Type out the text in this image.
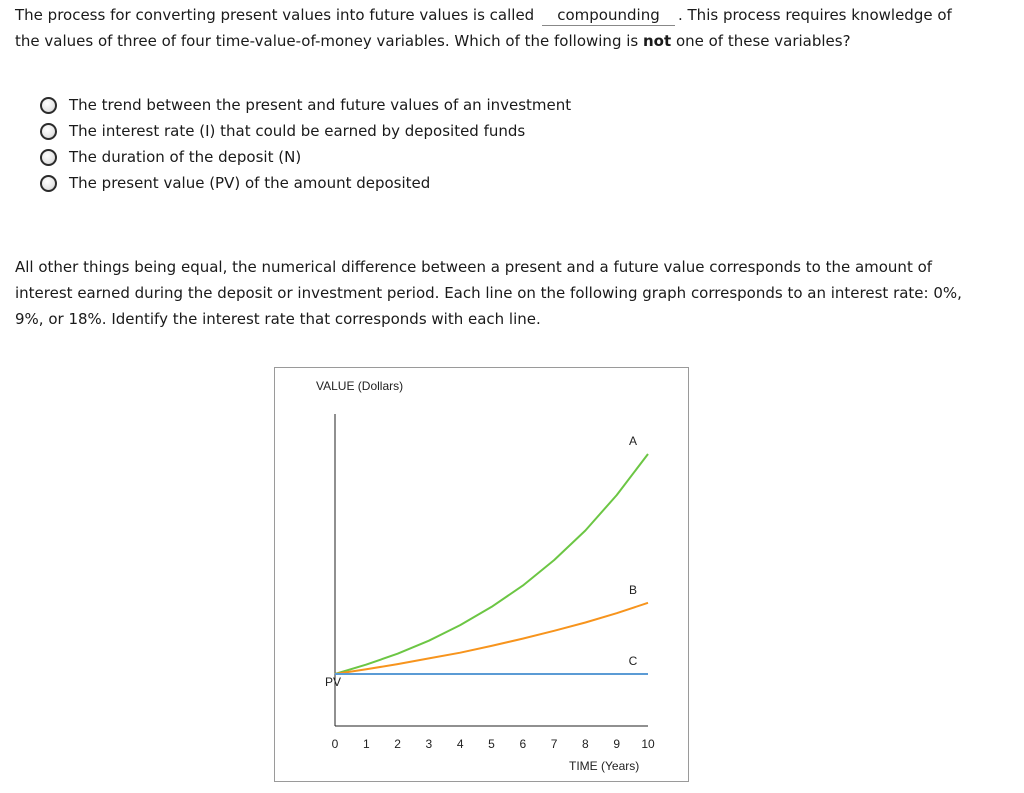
The process for converting present values into future values is called compounding . This process requires knowledge of the values of three of four time-value-of-money variables. Which of the following is not one of these variables?
The trend between the present and future values of an investment
The interest rate (I) that could be earned by deposited funds
The duration of the deposit (N)
The present value (PV) of the amount deposited
All other things being equal, the numerical difference between a present and a future value corresponds to the amount of interest earned during the deposit or investment period. Each line on the following graph corresponds to an interest rate: 0%, 9%, or 18%. Identify the interest rate that corresponds with each line.
VALUE (Dollars)
0 1 2 3 4 5 6 7 8 9 10
A
B
C
PV
TIME (Years)
